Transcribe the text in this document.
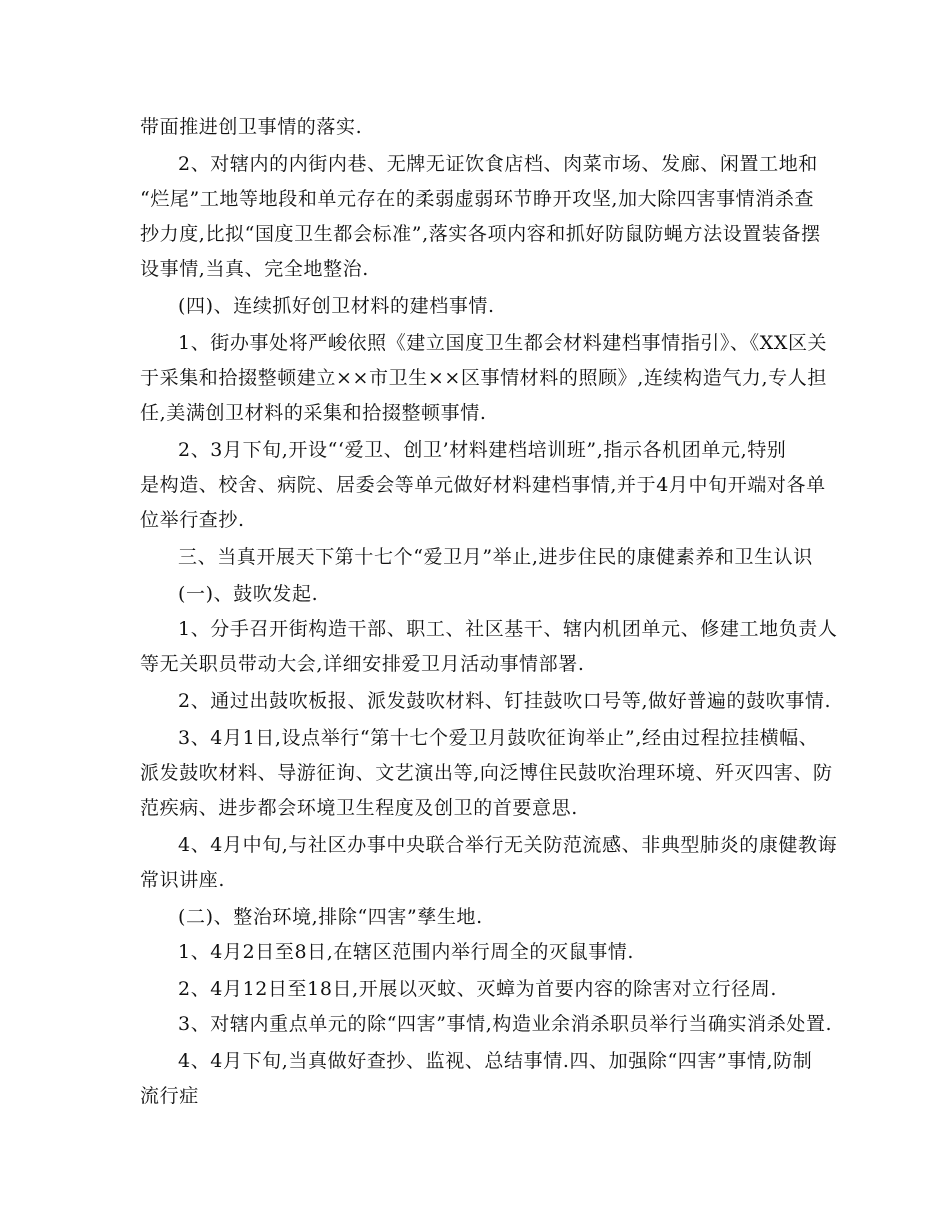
带面推进创卫事情的落实.
2、对辖内的内街内巷、无牌无证饮食店档、肉菜市场、发廊、闲置工地和
“烂尾”工地等地段和单元存在的柔弱虚弱环节睁开攻坚,加大除四害事情消杀查
抄力度,比拟“国度卫生都会标准”,落实各项内容和抓好防鼠防蝇方法设置装备摆
设事情,当真、完全地整治.
(四)、连续抓好创卫材料的建档事情.
1、街办事处将严峻依照《建立国度卫生都会材料建档事情指引》、《XX区关
于采集和拾掇整顿建立××市卫生××区事情材料的照顾》,连续构造气力,专人担
任,美满创卫材料的采集和拾掇整顿事情.
2、3月下旬,开设“‘爱卫、创卫’材料建档培训班”,指示各机团单元,特别
是构造、校舍、病院、居委会等单元做好材料建档事情,并于4月中旬开端对各单
位举行查抄.
三、当真开展天下第十七个“爱卫月”举止,进步住民的康健素养和卫生认识
(一)、鼓吹发起.
1、分手召开街构造干部、职工、社区基干、辖内机团单元、修建工地负责人
等无关职员带动大会,详细安排爱卫月活动事情部署.
2、通过出鼓吹板报、派发鼓吹材料、钉挂鼓吹口号等,做好普遍的鼓吹事情.
3、4月1日,设点举行“第十七个爱卫月鼓吹征询举止”,经由过程拉挂横幅、
派发鼓吹材料、导游征询、文艺演出等,向泛博住民鼓吹治理环境、歼灭四害、防
范疾病、进步都会环境卫生程度及创卫的首要意思.
4、4月中旬,与社区办事中央联合举行无关防范流感、非典型肺炎的康健教诲
常识讲座.
(二)、整治环境,排除“四害”孳生地.
1、4月2日至8日,在辖区范围内举行周全的灭鼠事情.
2、4月12日至18日,开展以灭蚊、灭蟑为首要内容的除害对立行径周.
3、对辖内重点单元的除“四害”事情,构造业余消杀职员举行当确实消杀处置.
4、4月下旬,当真做好查抄、监视、总结事情.四、加强除“四害”事情,防制
流行症
